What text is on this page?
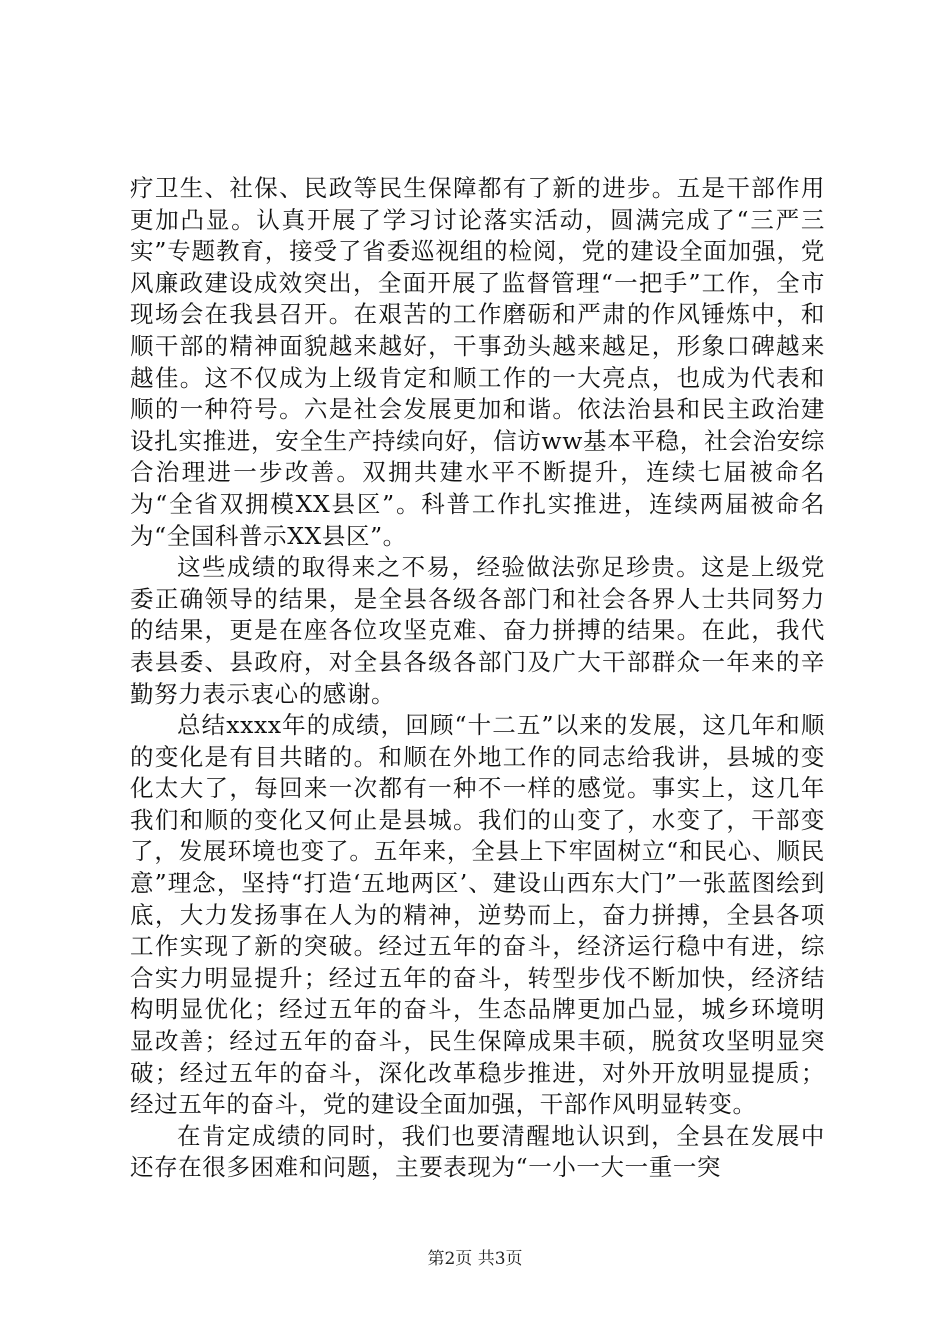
疗卫生、社保、民政等民生保障都有了新的进步。五是干部作用更加凸显。认真开展了学习讨论落实活动，圆满完成了“三严三实”专题教育，接受了省委巡视组的检阅，党的建设全面加强，党风廉政建设成效突出，全面开展了监督管理“一把手”工作，全市现场会在我县召开。在艰苦的工作磨砺和严肃的作风锤炼中，和顺干部的精神面貌越来越好，干事劲头越来越足，形象口碑越来越佳。这不仅成为上级肯定和顺工作的一大亮点，也成为代表和顺的一种符号。六是社会发展更加和谐。依法治县和民主政治建设扎实推进，安全生产持续向好，信访ww基本平稳，社会治安综合治理进一步改善。双拥共建水平不断提升，连续七届被命名为“全省双拥模XX县区”。科普工作扎实推进，连续两届被命名为“全国科普示XX县区”。

这些成绩的取得来之不易，经验做法弥足珍贵。这是上级党委正确领导的结果，是全县各级各部门和社会各界人士共同努力的结果，更是在座各位攻坚克难、奋力拼搏的结果。在此，我代表县委、县政府，对全县各级各部门及广大干部群众一年来的辛勤努力表示衷心的感谢。

总结xxxx年的成绩，回顾“十二五”以来的发展，这几年和顺的变化是有目共睹的。和顺在外地工作的同志给我讲，县城的变化太大了，每回来一次都有一种不一样的感觉。事实上，这几年我们和顺的变化又何止是县城。我们的山变了，水变了，干部变了，发展环境也变了。五年来，全县上下牢固树立“和民心、顺民意”理念，坚持“打造‘五地两区’、建设山西东大门”一张蓝图绘到底，大力发扬事在人为的精神，逆势而上，奋力拼搏，全县各项工作实现了新的突破。经过五年的奋斗，经济运行稳中有进，综合实力明显提升；经过五年的奋斗，转型步伐不断加快，经济结构明显优化；经过五年的奋斗，生态品牌更加凸显，城乡环境明显改善；经过五年的奋斗，民生保障成果丰硕，脱贫攻坚明显突破；经过五年的奋斗，深化改革稳步推进，对外开放明显提质；经过五年的奋斗，党的建设全面加强，干部作风明显转变。

在肯定成绩的同时，我们也要清醒地认识到，全县在发展中还存在很多困难和问题，主要表现为“一小一大一重一突

第2页 共3页
